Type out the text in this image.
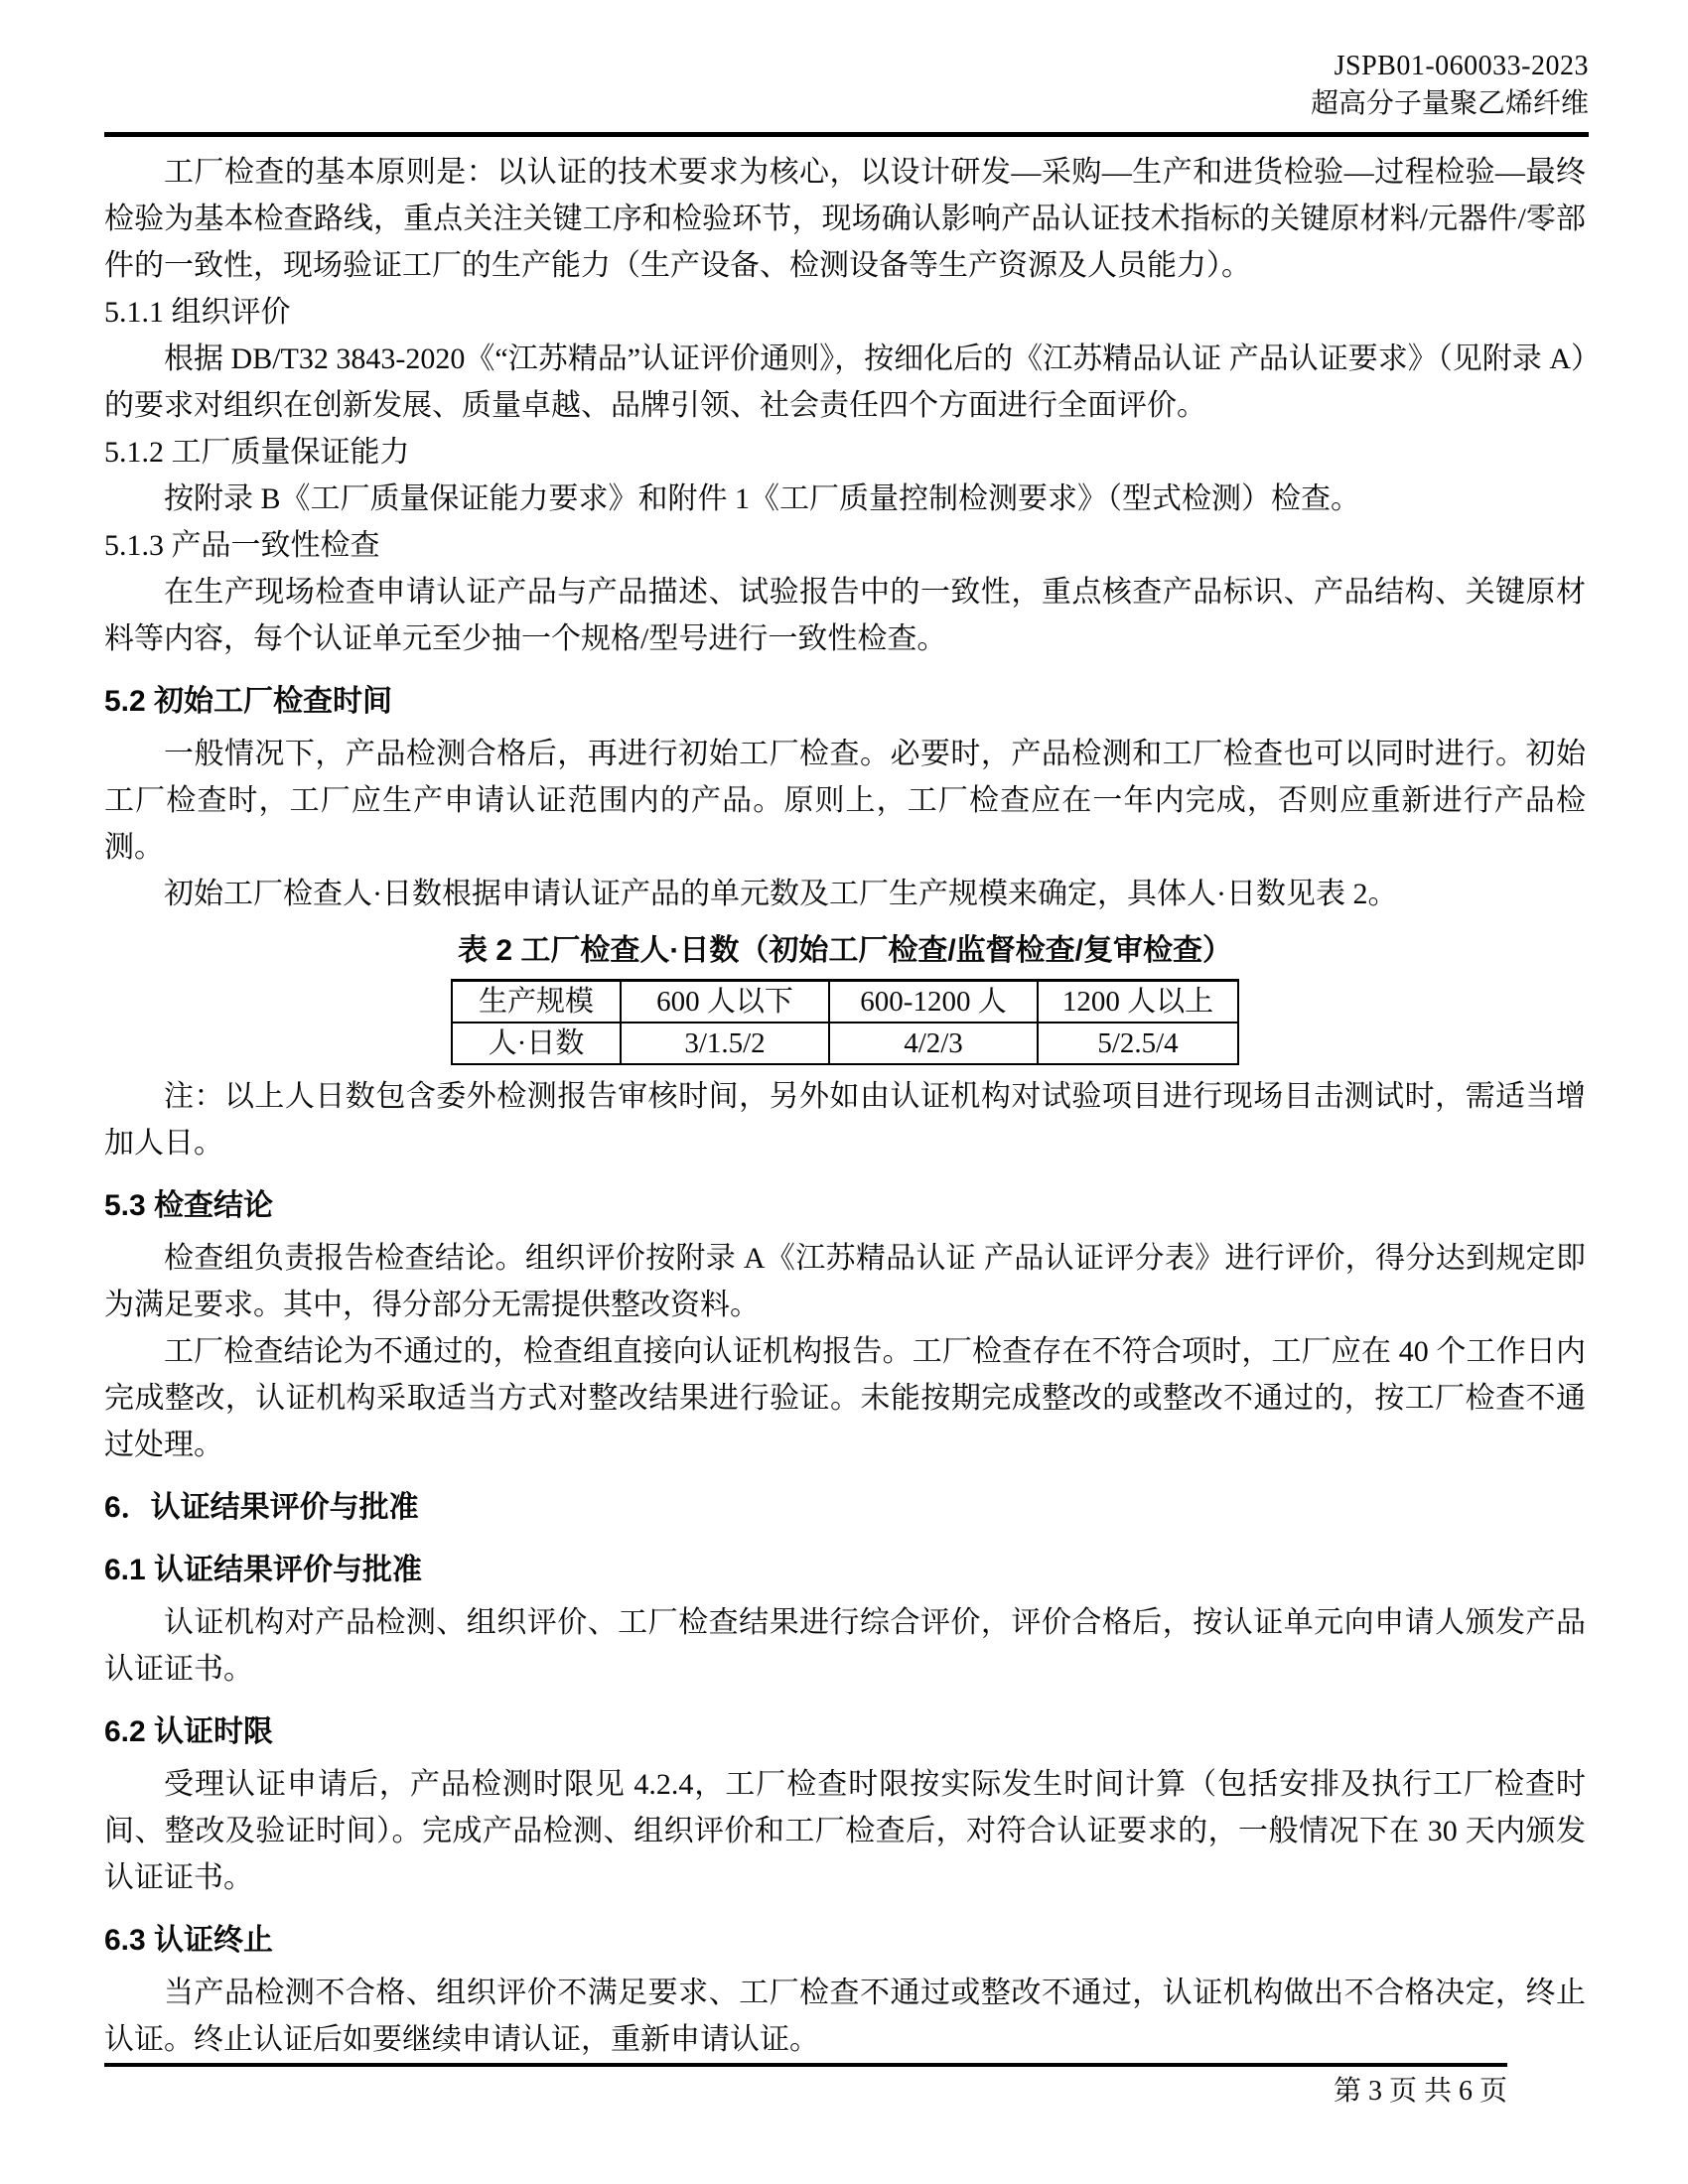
JSPB01-060033-2023
超高分子量聚乙烯纤维

工厂检查的基本原则是：以认证的技术要求为核心，以设计研发—采购—生产和进货检验—过程检验—最终检验为基本检查路线，重点关注关键工序和检验环节，现场确认影响产品认证技术指标的关键原材料/元器件/零部件的一致性，现场验证工厂的生产能力（生产设备、检测设备等生产资源及人员能力）。

5.1.1 组织评价

根据 DB/T32 3843-2020《“江苏精品”认证评价通则》，按细化后的《江苏精品认证 产品认证要求》（见附录 A）的要求对组织在创新发展、质量卓越、品牌引领、社会责任四个方面进行全面评价。

5.1.2 工厂质量保证能力

按附录 B《工厂质量保证能力要求》和附件 1《工厂质量控制检测要求》（型式检测）检查。

5.1.3 产品一致性检查

在生产现场检查申请认证产品与产品描述、试验报告中的一致性，重点核查产品标识、产品结构、关键原材料等内容，每个认证单元至少抽一个规格/型号进行一致性检查。

5.2 初始工厂检查时间

一般情况下，产品检测合格后，再进行初始工厂检查。必要时，产品检测和工厂检查也可以同时进行。初始工厂检查时，工厂应生产申请认证范围内的产品。原则上，工厂检查应在一年内完成，否则应重新进行产品检测。

初始工厂检查人·日数根据申请认证产品的单元数及工厂生产规模来确定，具体人·日数见表 2。

表 2 工厂检查人·日数（初始工厂检查/监督检查/复审检查）

生产规模	600 人以下	600-1200 人	1200 人以上
人·日数	3/1.5/2	4/2/3	5/2.5/4

注：以上人日数包含委外检测报告审核时间，另外如由认证机构对试验项目进行现场目击测试时，需适当增加人日。

5.3 检查结论

检查组负责报告检查结论。组织评价按附录 A《江苏精品认证 产品认证评分表》进行评价，得分达到规定即为满足要求。其中，得分部分无需提供整改资料。

工厂检查结论为不通过的，检查组直接向认证机构报告。工厂检查存在不符合项时，工厂应在 40 个工作日内完成整改，认证机构采取适当方式对整改结果进行验证。未能按期完成整改的或整改不通过的，按工厂检查不通过处理。

6．认证结果评价与批准
6.1 认证结果评价与批准

认证机构对产品检测、组织评价、工厂检查结果进行综合评价，评价合格后，按认证单元向申请人颁发产品认证证书。

6.2 认证时限

受理认证申请后，产品检测时限见 4.2.4，工厂检查时限按实际发生时间计算（包括安排及执行工厂检查时间、整改及验证时间）。完成产品检测、组织评价和工厂检查后，对符合认证要求的，一般情况下在 30 天内颁发认证证书。

6.3 认证终止

当产品检测不合格、组织评价不满足要求、工厂检查不通过或整改不通过，认证机构做出不合格决定，终止认证。终止认证后如要继续申请认证，重新申请认证。

第 3 页 共 6 页
